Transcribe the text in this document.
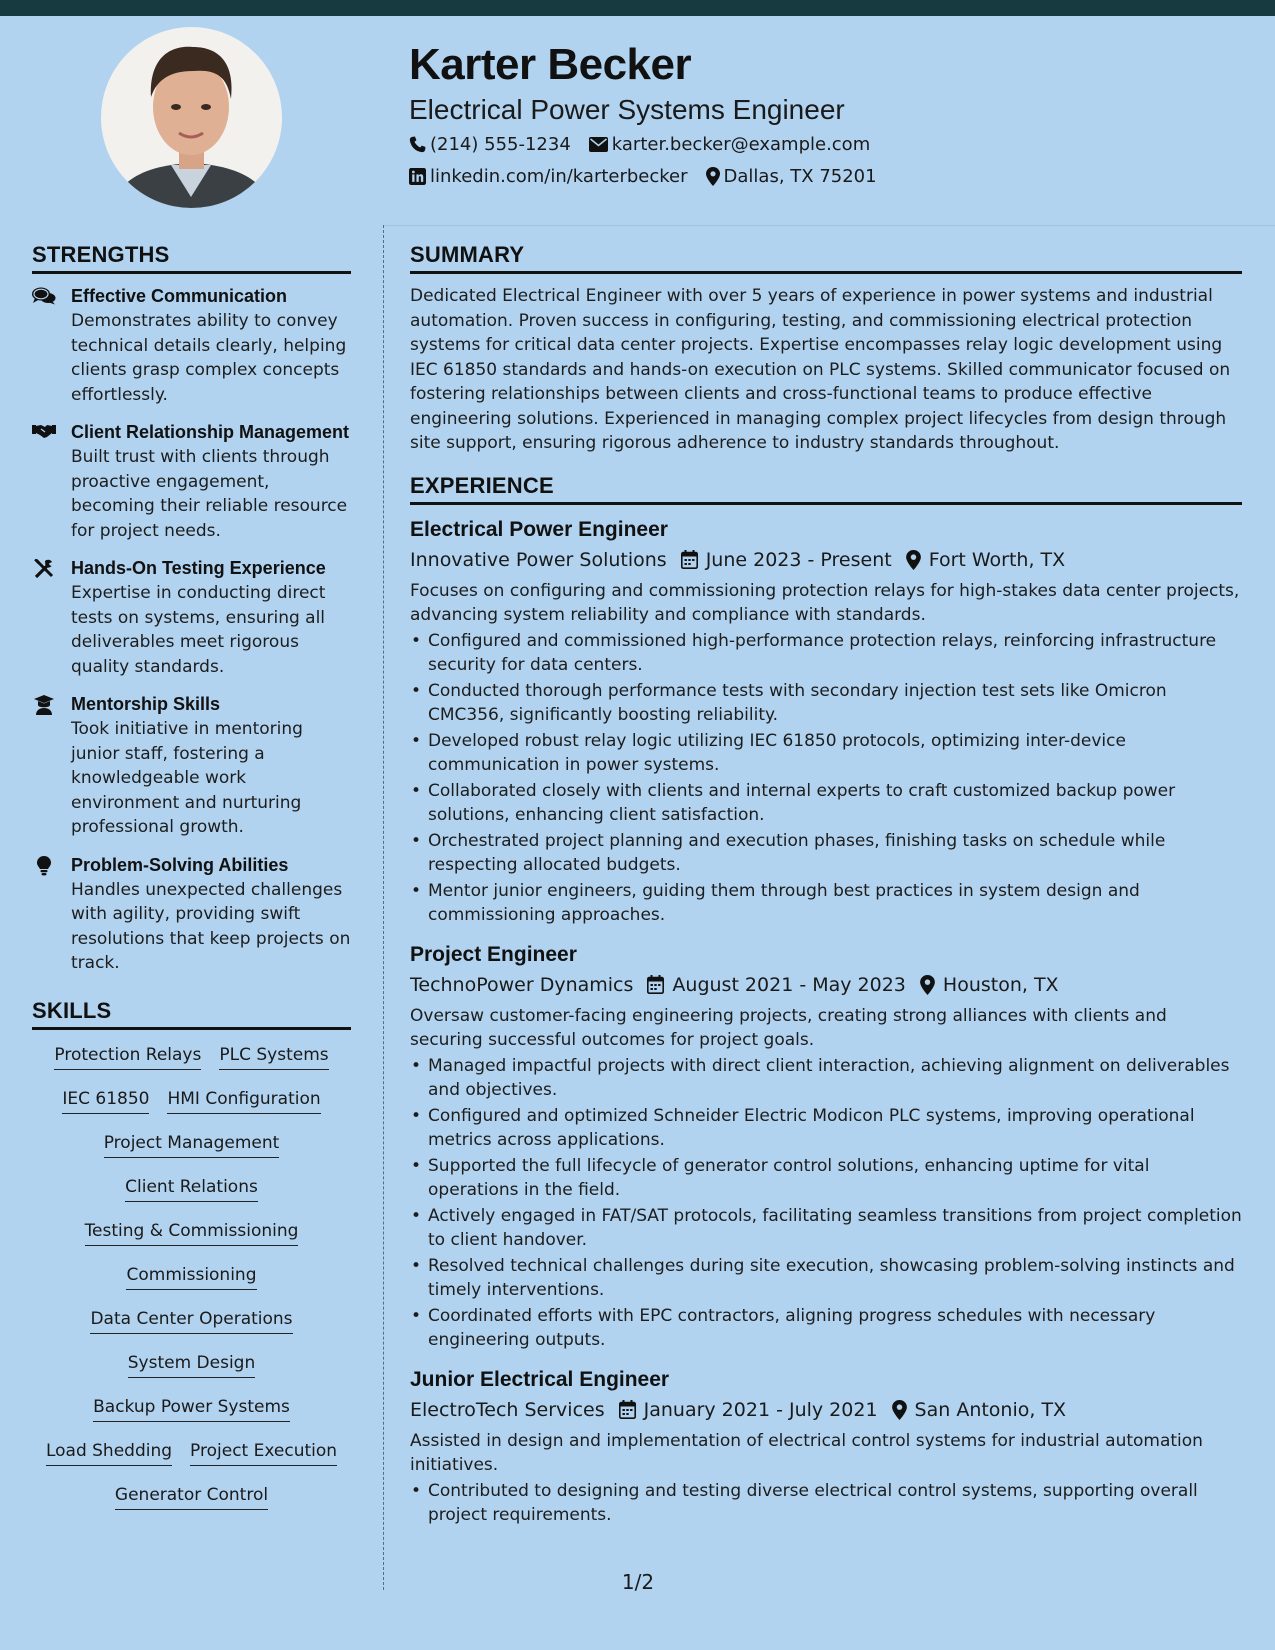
Karter Becker
Electrical Power Systems Engineer
(214) 555-1234 karter.becker@example.com
linkedin.com/in/karterbecker Dallas, TX 75201
STRENGTHS
Effective Communication
Demonstrates ability to convey technical details clearly, helping clients grasp complex concepts effortlessly.
Client Relationship Management
Built trust with clients through proactive engagement, becoming their reliable resource for project needs.
Hands-On Testing Experience
Expertise in conducting direct tests on systems, ensuring all deliverables meet rigorous quality standards.
Mentorship Skills
Took initiative in mentoring junior staff, fostering a knowledgeable work environment and nurturing professional growth.
Problem-Solving Abilities
Handles unexpected challenges with agility, providing swift resolutions that keep projects on track.
SKILLS
Protection Relays PLC Systems
IEC 61850 HMI Configuration
Project Management
Client Relations
Testing & Commissioning
Commissioning
Data Center Operations
System Design
Backup Power Systems
Load Shedding Project Execution
Generator Control
SUMMARY
Dedicated Electrical Engineer with over 5 years of experience in power systems and industrial automation. Proven success in configuring, testing, and commissioning electrical protection systems for critical data center projects. Expertise encompasses relay logic development using IEC 61850 standards and hands-on execution on PLC systems. Skilled communicator focused on fostering relationships between clients and cross-functional teams to produce effective engineering solutions. Experienced in managing complex project lifecycles from design through site support, ensuring rigorous adherence to industry standards throughout.
EXPERIENCE
Electrical Power Engineer
Innovative Power Solutions June 2023 - Present Fort Worth, TX
Focuses on configuring and commissioning protection relays for high-stakes data center projects, advancing system reliability and compliance with standards.
• Configured and commissioned high-performance protection relays, reinforcing infrastructure security for data centers.
• Conducted thorough performance tests with secondary injection test sets like Omicron CMC356, significantly boosting reliability.
• Developed robust relay logic utilizing IEC 61850 protocols, optimizing inter-device communication in power systems.
• Collaborated closely with clients and internal experts to craft customized backup power solutions, enhancing client satisfaction.
• Orchestrated project planning and execution phases, finishing tasks on schedule while respecting allocated budgets.
• Mentor junior engineers, guiding them through best practices in system design and commissioning approaches.
Project Engineer
TechnoPower Dynamics August 2021 - May 2023 Houston, TX
Oversaw customer-facing engineering projects, creating strong alliances with clients and securing successful outcomes for project goals.
• Managed impactful projects with direct client interaction, achieving alignment on deliverables and objectives.
• Configured and optimized Schneider Electric Modicon PLC systems, improving operational metrics across applications.
• Supported the full lifecycle of generator control solutions, enhancing uptime for vital operations in the field.
• Actively engaged in FAT/SAT protocols, facilitating seamless transitions from project completion to client handover.
• Resolved technical challenges during site execution, showcasing problem-solving instincts and timely interventions.
• Coordinated efforts with EPC contractors, aligning progress schedules with necessary engineering outputs.
Junior Electrical Engineer
ElectroTech Services January 2021 - July 2021 San Antonio, TX
Assisted in design and implementation of electrical control systems for industrial automation initiatives.
• Contributed to designing and testing diverse electrical control systems, supporting overall project requirements.
1/2
